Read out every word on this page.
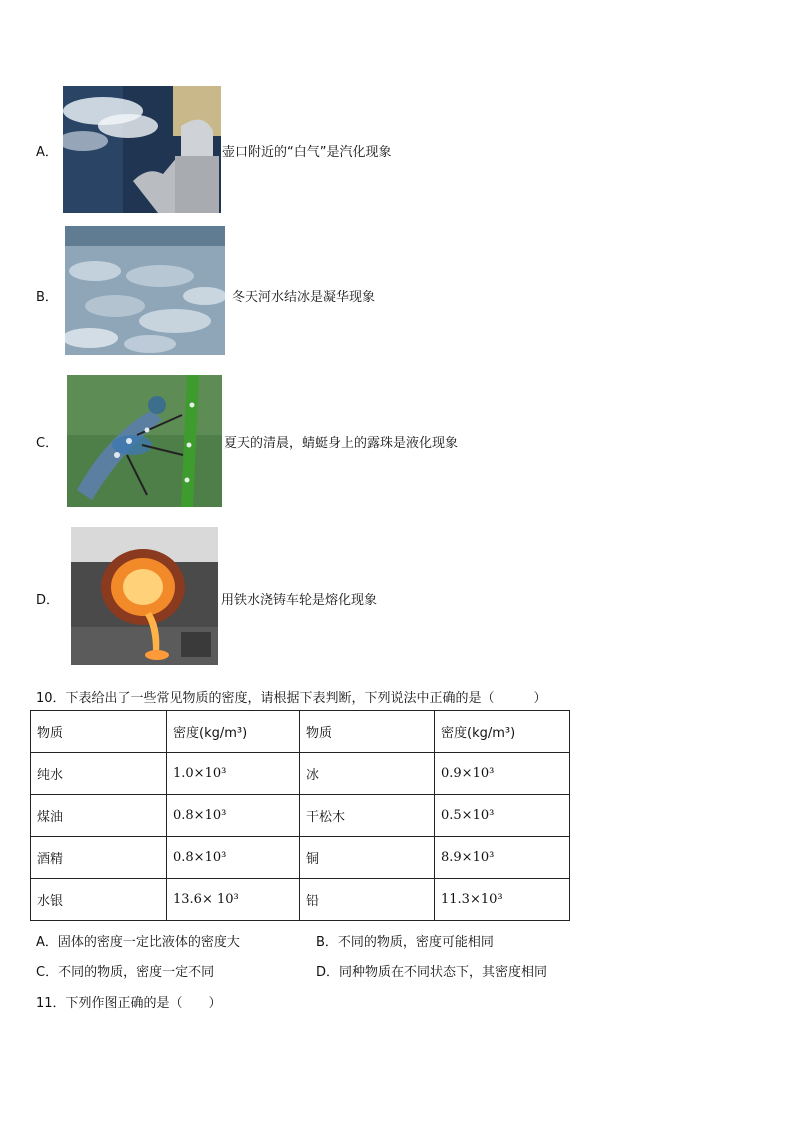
A．	壶口附近的“白气”是汽化现象
B．	冬天河水结冰是凝华现象
C．	夏天的清晨，蜻蜓身上的露珠是液化现象
D．	用铁水浇铸车轮是熔化现象
10．下表给出了一些常见物质的密度，请根据下表判断，下列说法中正确的是（　　　）
物质	密度(kg/m³)	物质	密度(kg/m³)
纯水	1.0×10³	冰	0.9×10³
煤油	0.8×10³	干松木	0.5×10³
酒精	0.8×10³	铜	8.9×10³
水银	13.6× 10³	铅	11.3×10³
A．固体的密度一定比液体的密度大	B．不同的物质，密度可能相同
C．不同的物质，密度一定不同	D．同种物质在不同状态下，其密度相同
11．下列作图正确的是（　　）
